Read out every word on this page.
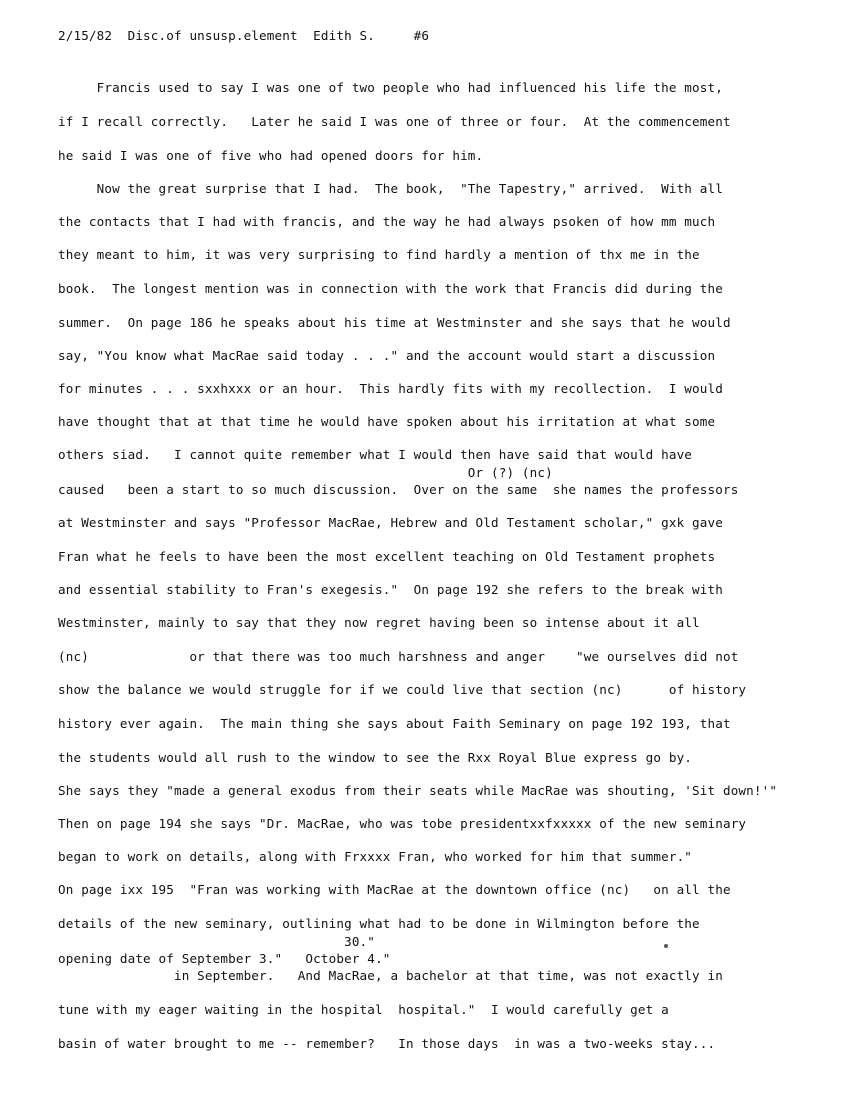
2/15/82  Disc.of unsusp.element  Edith S.     #6
Francis used to say I was one of two people who had influenced his life the most,
if I recall correctly.   Later he said I was one of three or four.  At the commencement
he said I was one of five who had opened doors for him.
Now the great surprise that I had.  The book,  "The Tapestry," arrived.  With all
the contacts that I had with francis, and the way he had always psoken of how mm much
they meant to him, it was very surprising to find hardly a mention of thx me in the
book.  The longest mention was in connection with the work that Francis did during the
summer.  On page 186 he speaks about his time at Westminster and she says that he would
say, "You know what MacRae said today . . ." and the account would start a discussion
for minutes . . . sxxhxxx or an hour.  This hardly fits with my recollection.  I would
have thought that at that time he would have spoken about his irritation at what some
others siad.   I cannot quite remember what I would then have said that would have
Or (?) (nc)
caused   been a start to so much discussion.  Over on the same  she names the professors
at Westminster and says "Professor MacRae, Hebrew and Old Testament scholar," gxk gave
Fran what he feels to have been the most excellent teaching on Old Testament prophets
and essential stability to Fran's exegesis."  On page 192 she refers to the break with
Westminster, mainly to say that they now regret having been so intense about it all
(nc)             or that there was too much harshness and anger    "we ourselves did not
show the balance we would struggle for if we could live that section (nc)      of history
history ever again.  The main thing she says about Faith Seminary on page 192 193, that
the students would all rush to the window to see the Rxx Royal Blue express go by.
She says they "made a general exodus from their seats while MacRae was shouting, 'Sit down!'"
Then on page 194 she says "Dr. MacRae, who was tobe presidentxxfxxxxx of the new seminary
began to work on details, along with Frxxxx Fran, who worked for him that summer."
On page ixx 195  "Fran was working with MacRae at the downtown office (nc)   on all the
details of the new seminary, outlining what had to be done in Wilmington before the
30."
opening date of September 3."   October 4."
in September.   And MacRae, a bachelor at that time, was not exactly in
tune with my eager waiting in the hospital  hospital."  I would carefully get a
basin of water brought to me -- remember?   In those days  in was a two-weeks stay...
